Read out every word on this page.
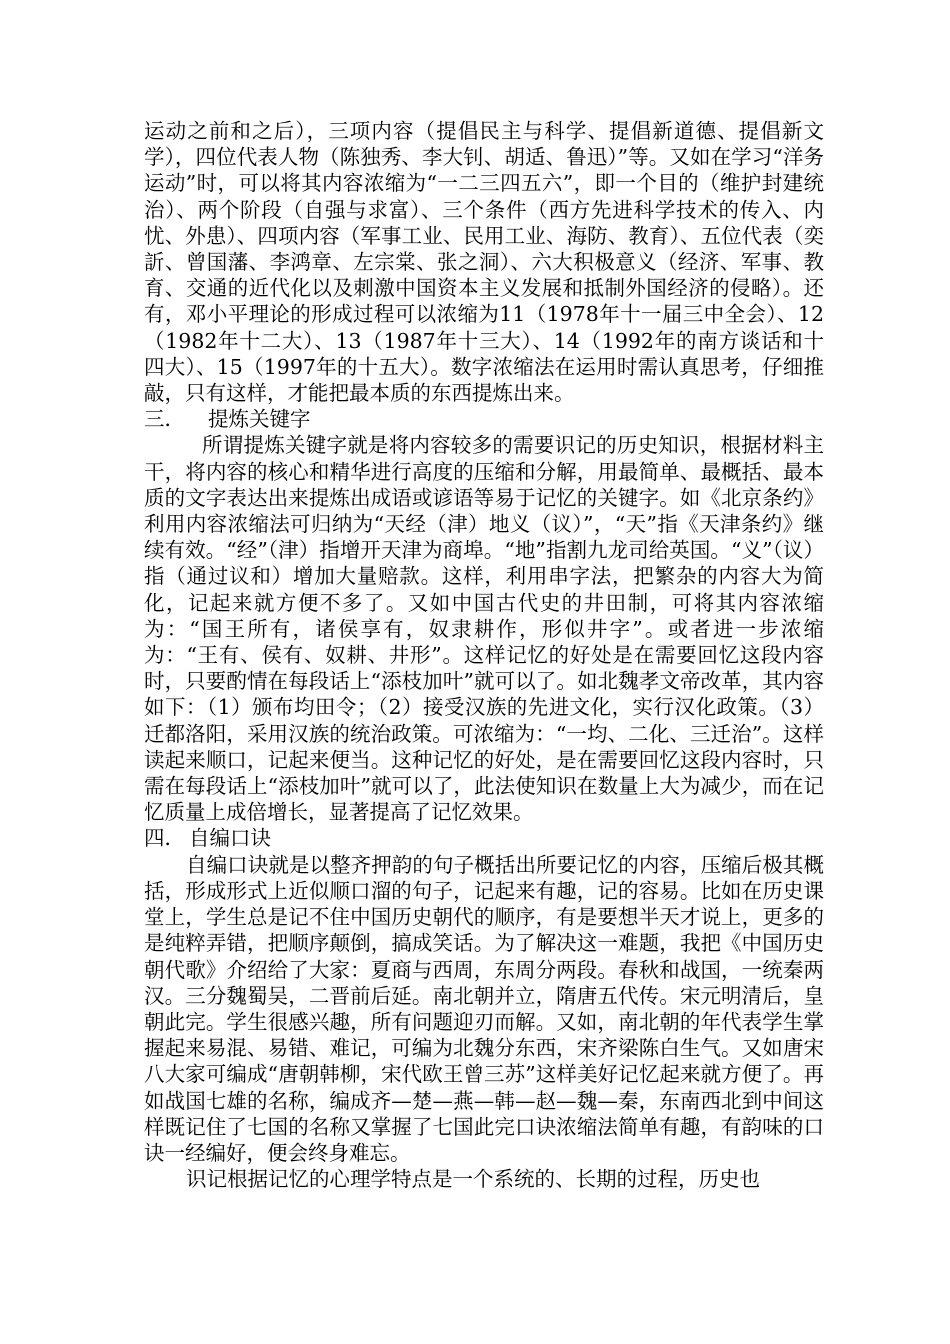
运动之前和之后），三项内容（提倡民主与科学、提倡新道德、提倡新文学），四位代表人物（陈独秀、李大钊、胡适、鲁迅）”等。又如在学习“洋务运动”时，可以将其内容浓缩为“一二三四五六”，即一个目的（维护封建统治）、两个阶段（自强与求富）、三个条件（西方先进科学技术的传入、内忧、外患）、四项内容（军事工业、民用工业、海防、教育）、五位代表（奕訢、曾国藩、李鸿章、左宗棠、张之洞）、六大积极意义（经济、军事、教育、交通的近代化以及刺激中国资本主义发展和抵制外国经济的侵略）。还有，邓小平理论的形成过程可以浓缩为11（1978年十一届三中全会）、12（1982年十二大）、13（1987年十三大）、14（1992年的南方谈话和十四大）、15（1997年的十五大）。数字浓缩法在运用时需认真思考，仔细推敲，只有这样，才能把最本质的东西提炼出来。

三． 提炼关键字

所谓提炼关键字就是将内容较多的需要识记的历史知识，根据材料主干，将内容的核心和精华进行高度的压缩和分解，用最简单、最概括、最本质的文字表达出来提炼出成语或谚语等易于记忆的关键字。如《北京条约》利用内容浓缩法可归纳为“天经（津）地义（议）”，“天”指《天津条约》继续有效。“经”（津）指增开天津为商埠。“地”指割九龙司给英国。“义”（议）指（通过议和）增加大量赔款。这样，利用串字法，把繁杂的内容大为简化，记起来就方便不多了。又如中国古代史的井田制，可将其内容浓缩为：“国王所有，诸侯享有，奴隶耕作，形似井字”。或者进一步浓缩为：“王有、侯有、奴耕、井形”。这样记忆的好处是在需要回忆这段内容时，只要酌情在每段话上“添枝加叶”就可以了。如北魏孝文帝改革，其内容如下：（1）颁布均田令；（2）接受汉族的先进文化，实行汉化政策。（3）迁都洛阳，采用汉族的统治政策。可浓缩为：“一均、二化、三迁治”。这样读起来顺口，记起来便当。这种记忆的好处，是在需要回忆这段内容时，只需在每段话上“添枝加叶”就可以了，此法使知识在数量上大为减少，而在记忆质量上成倍增长，显著提高了记忆效果。

四． 自编口诀

自编口诀就是以整齐押韵的句子概括出所要记忆的内容，压缩后极其概括，形成形式上近似顺口溜的句子，记起来有趣，记的容易。比如在历史课堂上，学生总是记不住中国历史朝代的顺序，有是要想半天才说上，更多的是纯粹弄错，把顺序颠倒，搞成笑话。为了解决这一难题，我把《中国历史朝代歌》介绍给了大家：夏商与西周，东周分两段。春秋和战国，一统秦两汉。三分魏蜀吴，二晋前后延。南北朝并立，隋唐五代传。宋元明清后，皇朝此完。学生很感兴趣，所有问题迎刃而解。又如，南北朝的年代表学生掌握起来易混、易错、难记，可编为北魏分东西，宋齐梁陈白生气。又如唐宋八大家可编成“唐朝韩柳，宋代欧王曾三苏”这样美好记忆起来就方便了。再如战国七雄的名称，编成齐—楚—燕—韩—赵—魏—秦，东南西北到中间这样既记住了七国的名称又掌握了七国此完口诀浓缩法简单有趣，有韵味的口诀一经编好，便会终身难忘。

识记根据记忆的心理学特点是一个系统的、长期的过程，历史也
